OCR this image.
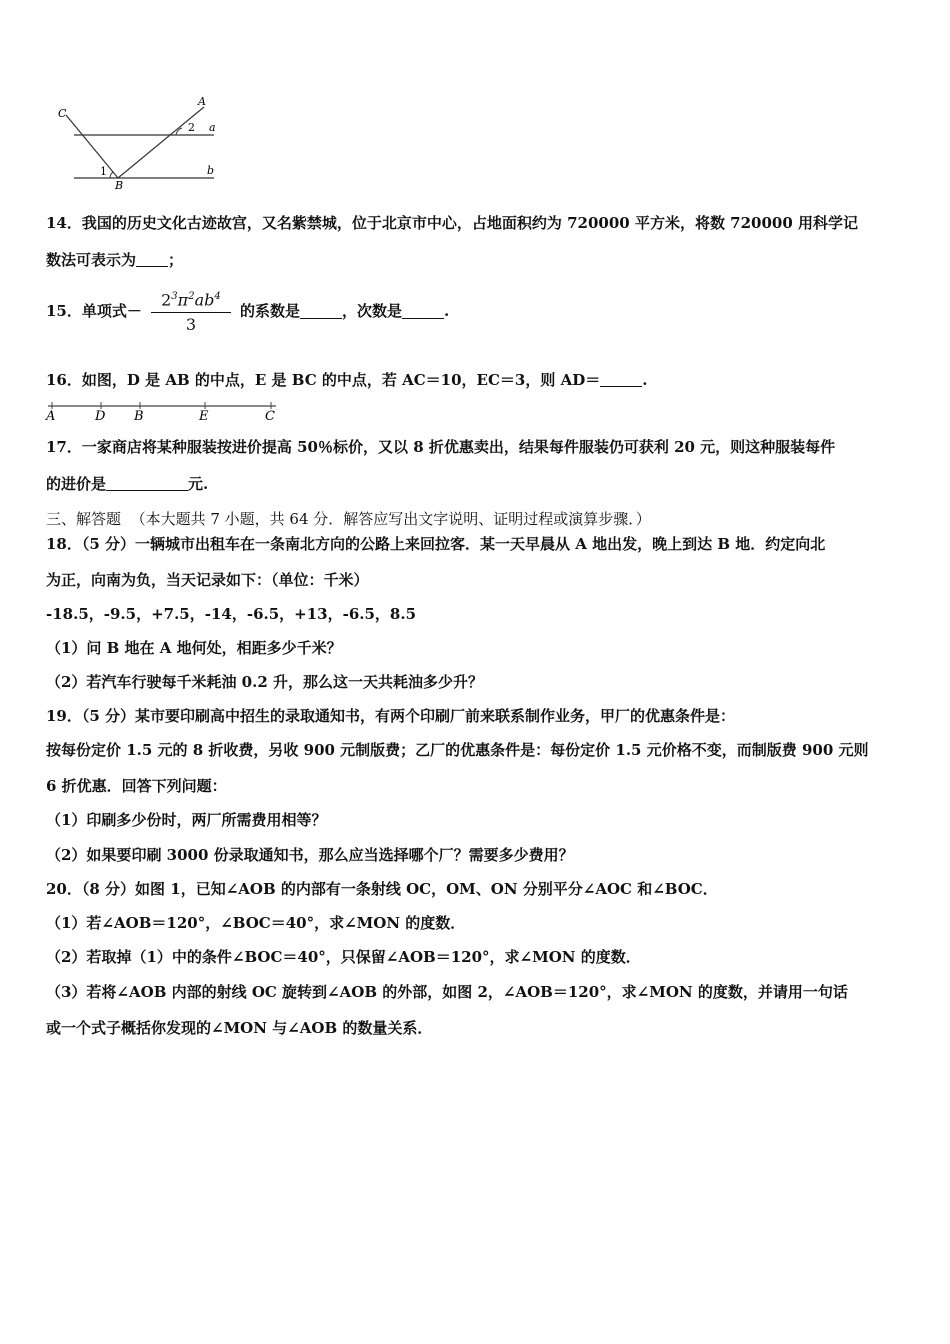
C
A
a
b
B
1
2
14．我国的历史文化古迹故宫，又名紫禁城，位于北京市中心，占地面积约为 720000 平方米，将数 720000 用科学记
数法可表示为 ；
15．单项式－ $\frac{2^3\pi^2ab^4}{3}$ 的系数是	，次数是	.
16．如图，D 是 AB 的中点，E 是 BC 的中点，若 AC＝10，EC＝3，则 AD＝	.
A	D B	E	C
17．一家商店将某种服装按进价提高 50％标价，又以 8 折优惠卖出，结果每件服装仍可获利 20 元，则这种服装每件
的进价是	元.
三、解答题 （本大题共 7 小题，共 64 分．解答应写出文字说明、证明过程或演算步骤．）
18．（5 分）一辆城市出租车在一条南北方向的公路上来回拉客．某一天早晨从 A 地出发，晚上到达 B 地．约定向北
为正，向南为负，当天记录如下：（单位：千米）
-18.5，-9.5，+7.5，-14，-6.5，+13，-6.5，8.5
（1）问 B 地在 A 地何处，相距多少千米？
（2）若汽车行驶每千米耗油 0.2 升，那么这一天共耗油多少升？
19．（5 分）某市要印刷高中招生的录取通知书，有两个印刷厂前来联系制作业务，甲厂的优惠条件是：
按每份定价 1.5 元的 8 折收费，另收 900 元制版费；乙厂的优惠条件是：每份定价 1.5 元价格不变，而制版费 900 元则
6 折优惠．回答下列问题：
（1）印刷多少份时，两厂所需费用相等？
（2）如果要印刷 3000 份录取通知书，那么应当选择哪个厂？需要多少费用？
20．（8 分）如图 1，已知∠AOB 的内部有一条射线 OC，OM、ON 分别平分∠AOC 和∠BOC．
（1）若∠AOB＝120°，∠BOC＝40°，求∠MON 的度数．
（2）若取掉（1）中的条件∠BOC＝40°，只保留∠AOB＝120°，求∠MON 的度数．
（3）若将∠AOB 内部的射线 OC 旋转到∠AOB 的外部，如图 2，∠AOB＝120°，求∠MON 的度数，并请用一句话
或一个式子概括你发现的∠MON 与∠AOB 的数量关系．
